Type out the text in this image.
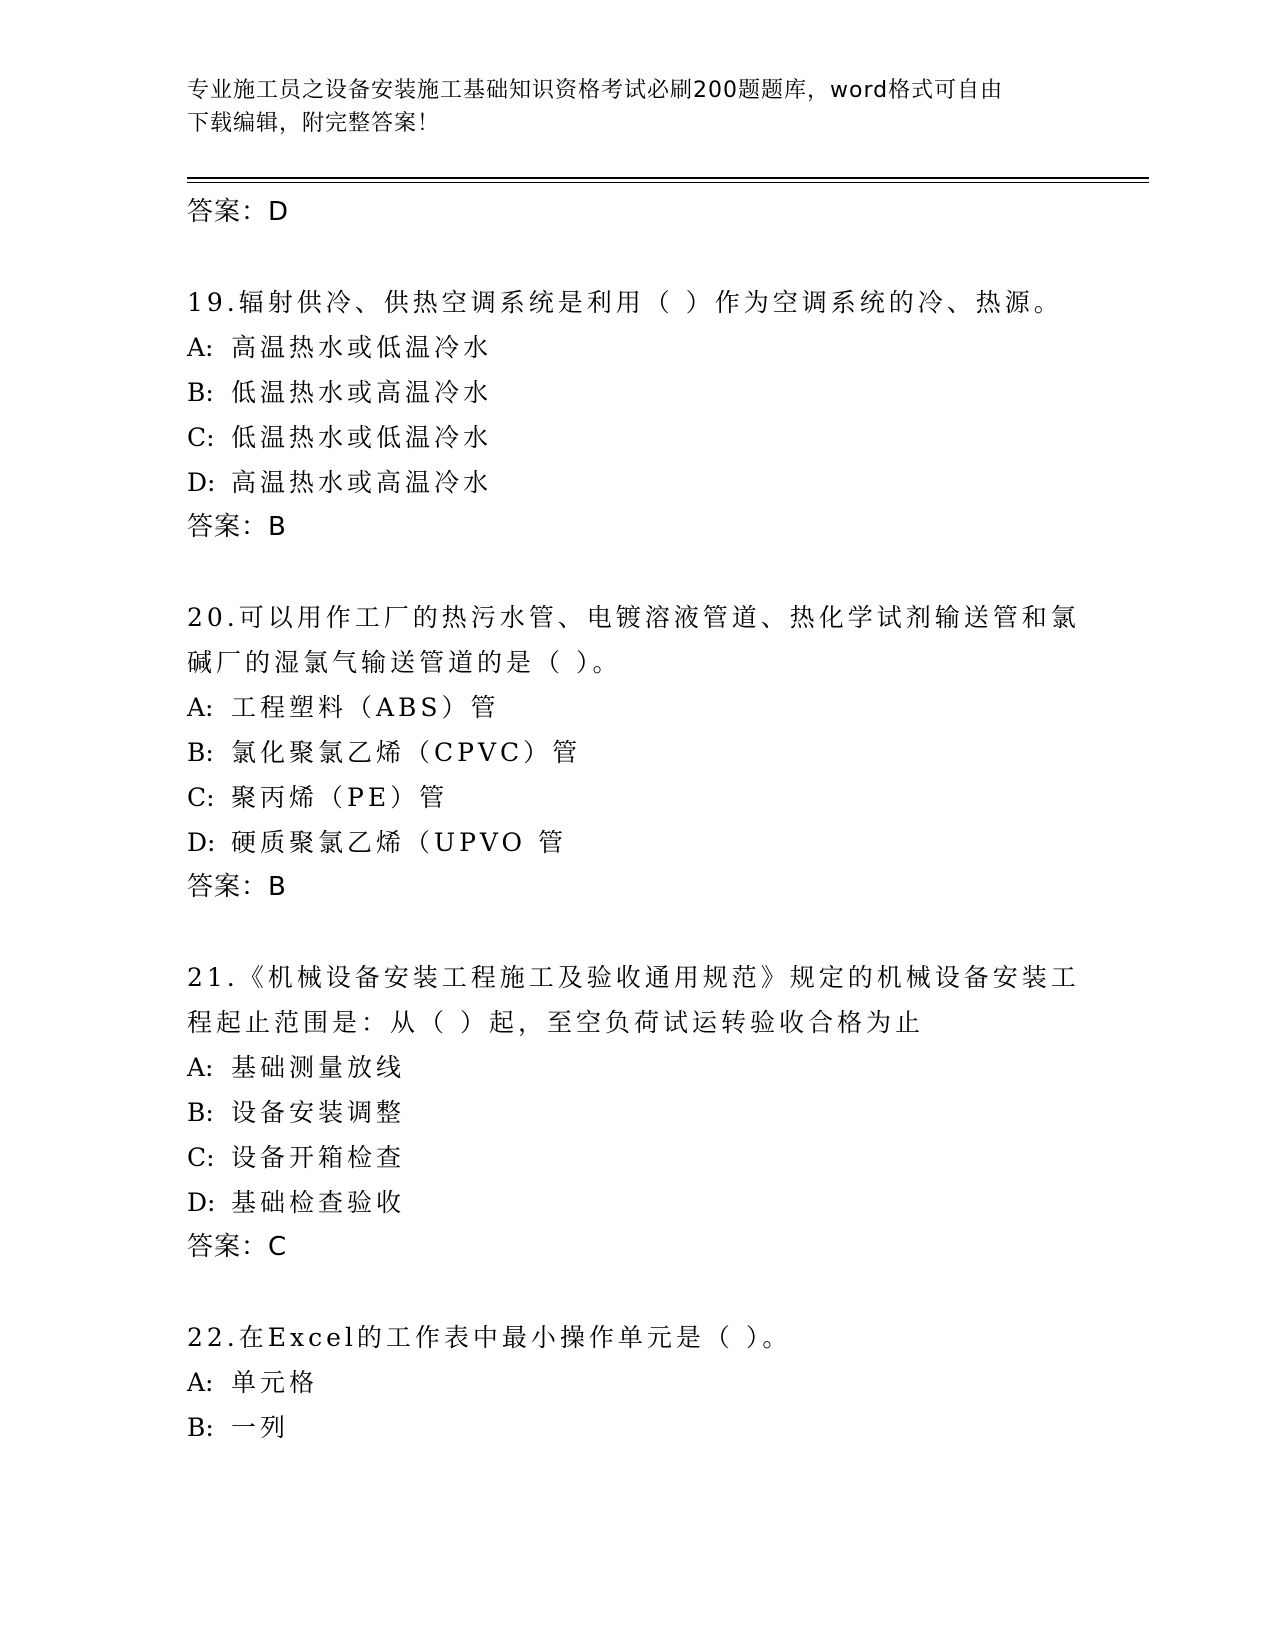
专业施工员之设备安装施工基础知识资格考试必刷200题题库，word格式可自由
下载编辑，附完整答案！
答案：D
19.辐射供冷、供热空调系统是利用（ ）作为空调系统的冷、热源。
A: 高温热水或低温冷水
B: 低温热水或高温冷水
C: 低温热水或低温冷水
D: 高温热水或高温冷水
答案：B
20.可以用作工厂的热污水管、电镀溶液管道、热化学试剂输送管和氯
碱厂的湿氯气输送管道的是（ ）。
A: 工程塑料（ABS）管
B: 氯化聚氯乙烯（CPVC）管
C: 聚丙烯（PE）管
D: 硬质聚氯乙烯（UPVO 管
答案：B
21.《机械设备安装工程施工及验收通用规范》规定的机械设备安装工
程起止范围是：从（ ）起，至空负荷试运转验收合格为止
A: 基础测量放线
B: 设备安装调整
C: 设备开箱检查
D: 基础检查验收
答案：C
22.在Excel的工作表中最小操作单元是（ ）。
A: 单元格
B: 一列
